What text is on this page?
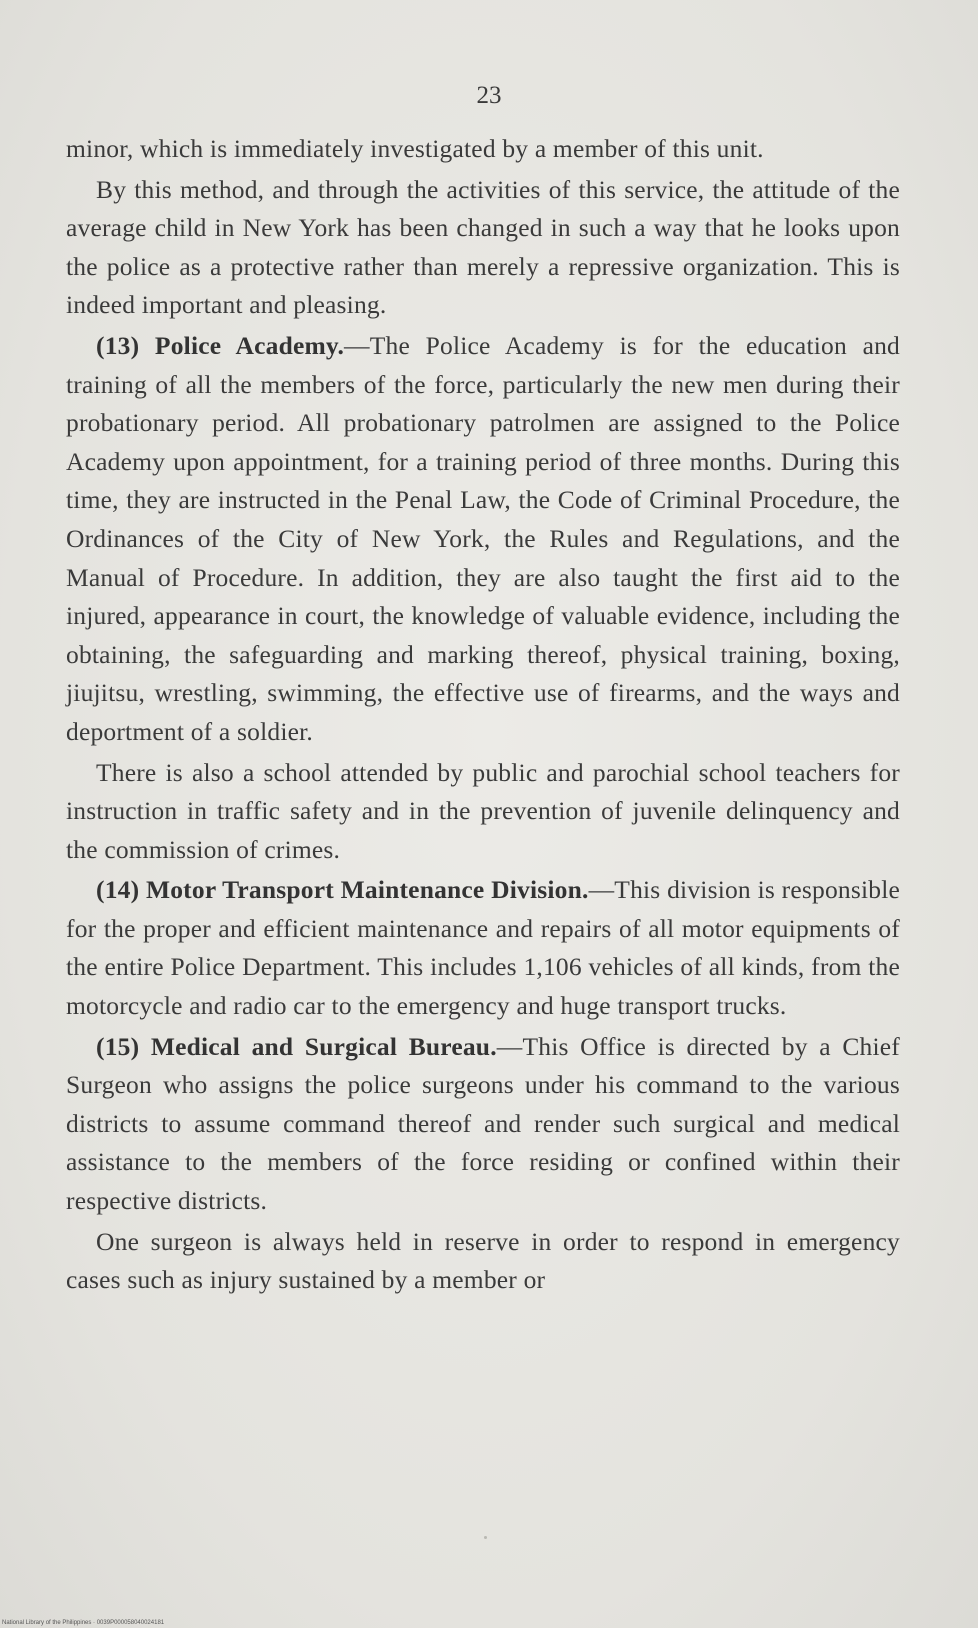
23

minor, which is immediately investigated by a member of this unit.

By this method, and through the activities of this service, the attitude of the average child in New York has been changed in such a way that he looks upon the police as a protective rather than merely a repressive organization. This is indeed important and pleasing.

(13) Police Academy.—The Police Academy is for the education and training of all the members of the force, particularly the new men during their probationary period. All probationary patrolmen are assigned to the Police Academy upon appointment, for a training period of three months. During this time, they are instructed in the Penal Law, the Code of Criminal Procedure, the Ordinances of the City of New York, the Rules and Regulations, and the Manual of Procedure. In addition, they are also taught the first aid to the injured, appearance in court, the knowledge of valuable evidence, including the obtaining, the safeguarding and marking thereof, physical training, boxing, jiujitsu, wrestling, swimming, the effective use of firearms, and the ways and deportment of a soldier.

There is also a school attended by public and parochial school teachers for instruction in traffic safety and in the prevention of juvenile delinquency and the commission of crimes.

(14) Motor Transport Maintenance Division.—This division is responsible for the proper and efficient maintenance and repairs of all motor equipments of the entire Police Department. This includes 1,106 vehicles of all kinds, from the motorcycle and radio car to the emergency and huge transport trucks.

(15) Medical and Surgical Bureau.—This Office is directed by a Chief Surgeon who assigns the police surgeons under his command to the various districts to assume command thereof and render such surgical and medical assistance to the members of the force residing or confined within their respective districts.

One surgeon is always held in reserve in order to respond in emergency cases such as injury sustained by a member or

National Library of the Philippines · 0039P000058040024181
